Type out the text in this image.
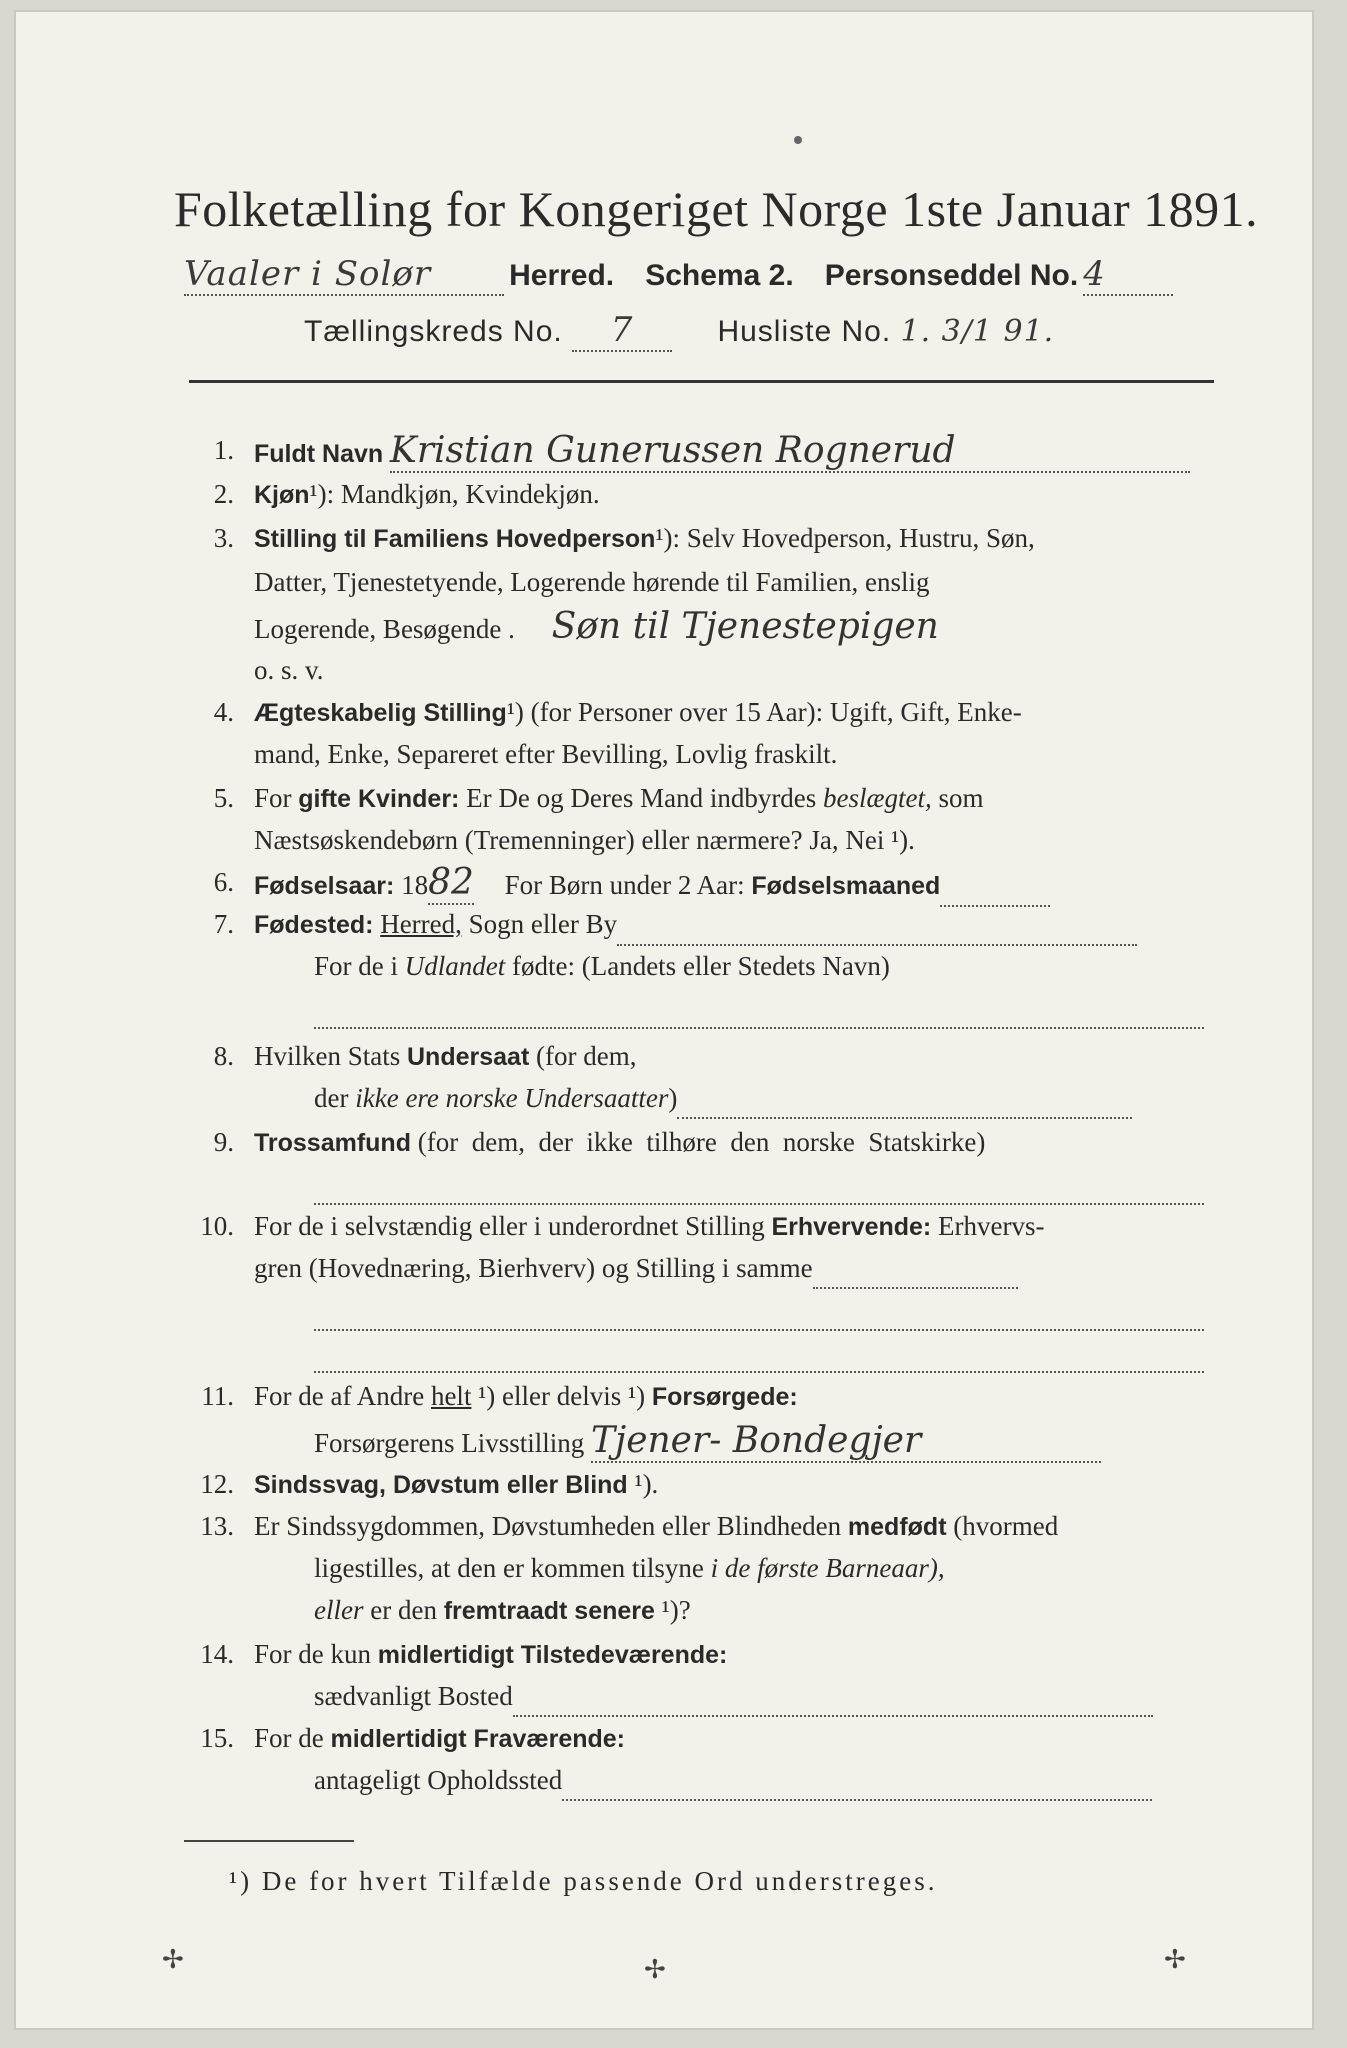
Folketælling for Kongeriget Norge 1ste Januar 1891.
Vaaler i Solør	Herred. Schema 2. Personseddel No. 4
Tællingskreds No. 7	Husliste No. 1. 3/1 91.
1. Fuldt Navn Kristian Gunerussen Rognerud
2. Kjøn¹): Mandkjøn, Kvindekjøn.
3. Stilling til Familiens Hovedperson¹): Selv Hovedperson, Hustru, Søn,
Datter, Tjenestetyende, Logerende hørende til Familien, enslig
Logerende, Besøgende . Søn til Tjenestepigen
o. s. v.
4. Ægteskabelig Stilling¹) (for Personer over 15 Aar): Ugift, Gift, Enke-
mand, Enke, Separeret efter Bevilling, Lovlig fraskilt.
5. For gifte Kvinder: Er De og Deres Mand indbyrdes beslægtet, som
Næstsøskendebørn (Tremenninger) eller nærmere? Ja, Nei ¹).
6. Fødselsaar: 1882 For Børn under 2 Aar: Fødselsmaaned
7. Fødested: Herred, Sogn eller By
For de i Udlandet fødte: (Landets eller Stedets Navn)
8. Hvilken Stats Undersaat (for dem,
der ikke ere norske Undersaatter)
9. Trossamfund (for  dem,  der  ikke  tilhøre  den  norske  Statskirke)
10. For de i selvstændig eller i underordnet Stilling Erhvervende: Erhvervs-
gren (Hovednæring, Bierhverv) og Stilling i samme
11. For de af Andre helt ¹) eller delvis ¹) Forsørgede:
Forsørgerens Livsstilling Tjener- Bondegjer
12. Sindssvag, Døvstum eller Blind ¹).
13. Er Sindssygdommen, Døvstumheden eller Blindheden medfødt (hvormed
ligestilles, at den er kommen tilsyne i de første Barneaar),
eller er den fremtraadt senere ¹)?
14. For de kun midlertidigt Tilstedeværende:
sædvanligt Bosted
15. For de midlertidigt Fraværende:
antageligt Opholdssted
¹) De for hvert Tilfælde passende Ord understreges.
✢	✢	✢
